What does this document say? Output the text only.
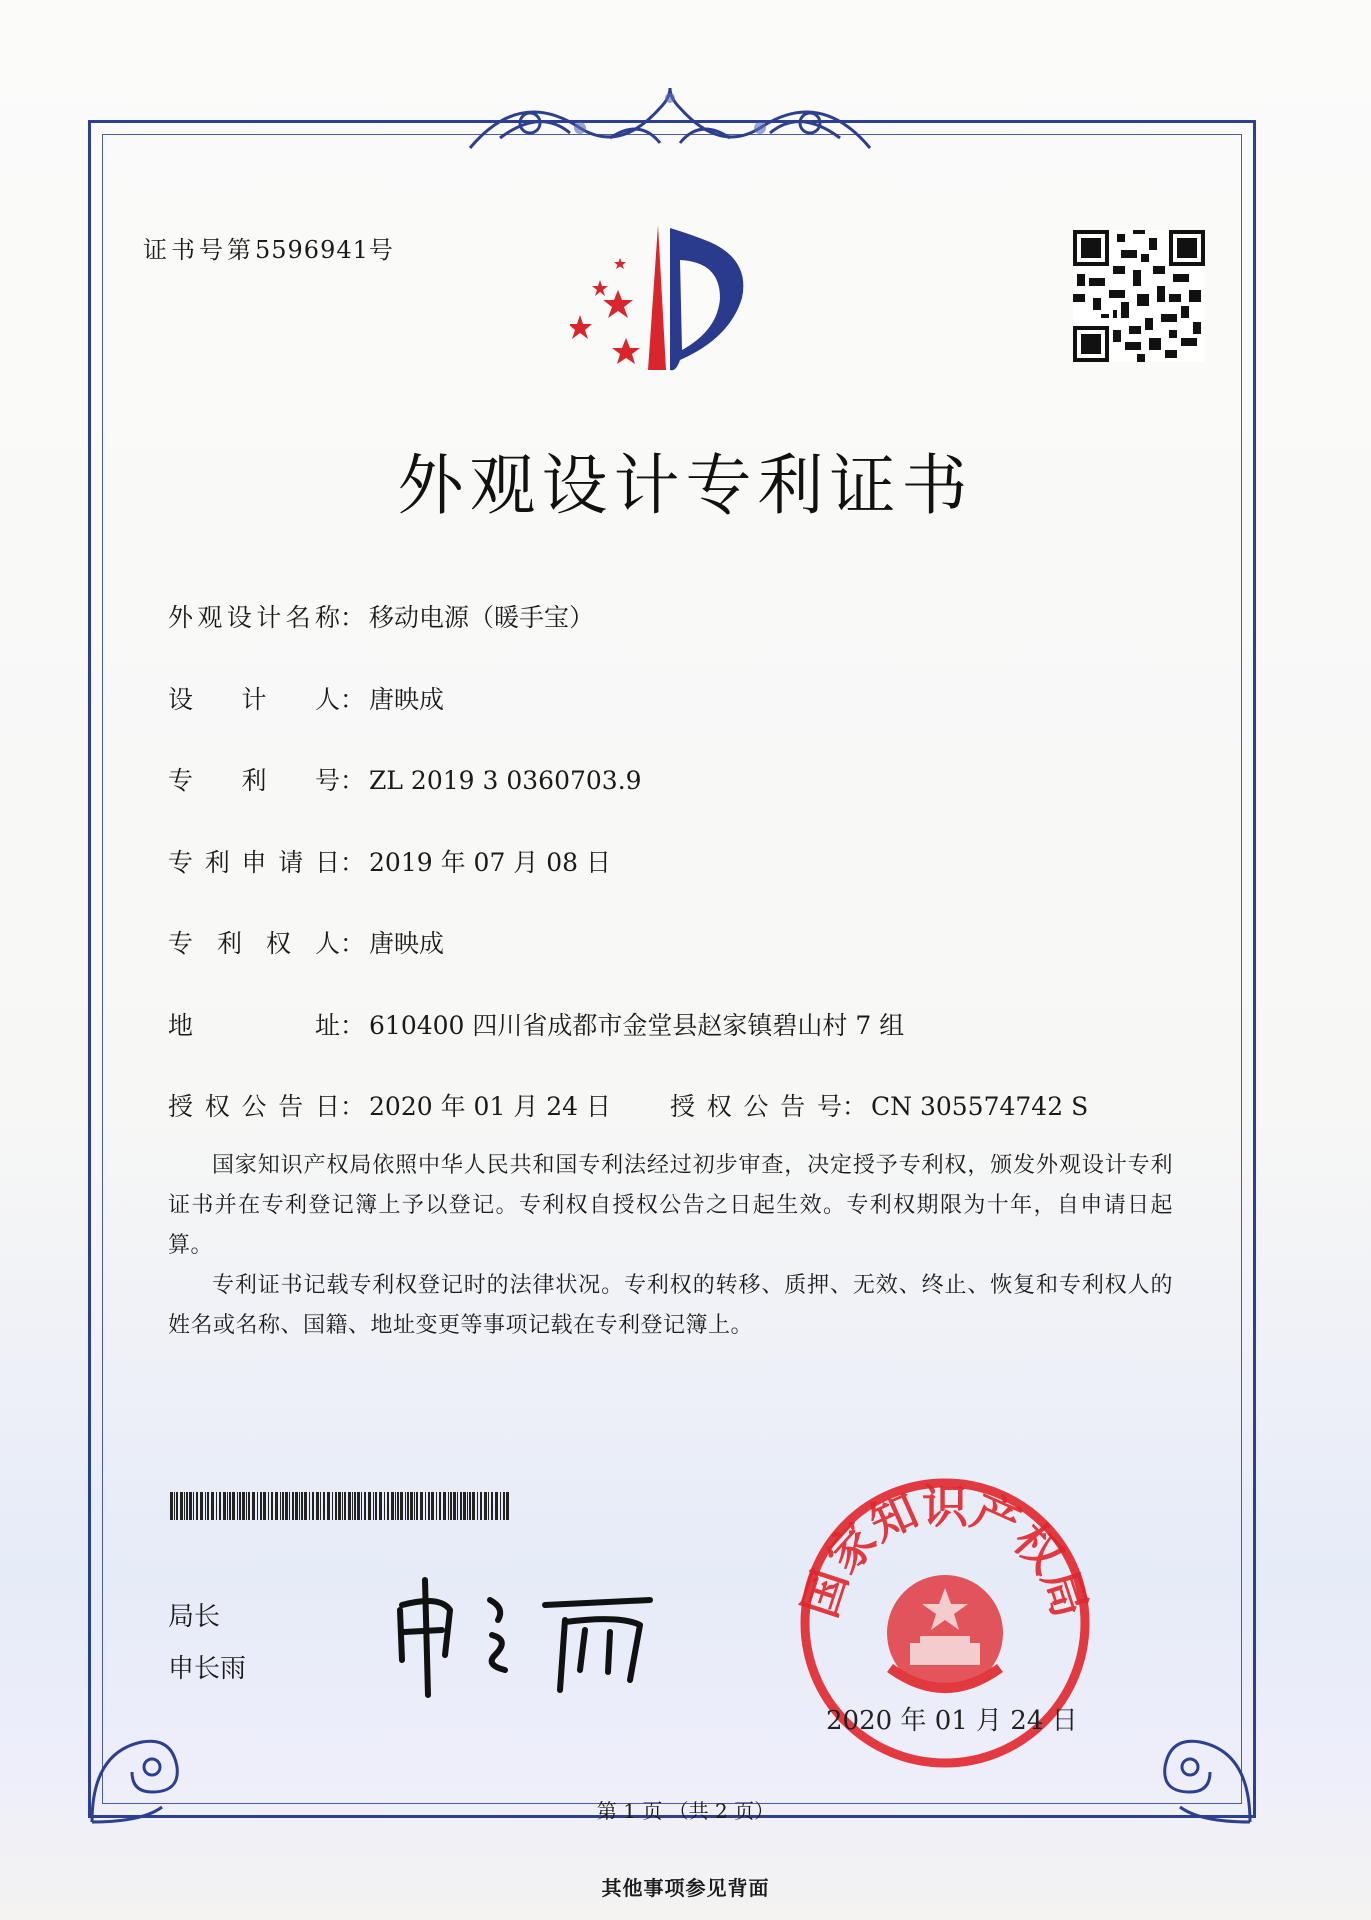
证书号第5596941号
外观设计专利证书
外观设计名称 ： 移动电源（暖手宝）
设计人 ： 唐映成
专利号 ： ZL 2019 3 0360703.9
专利申请日 ： 2019 年 07 月 08 日
专利权人 ： 唐映成
地址 ： 610400 四川省成都市金堂县赵家镇碧山村 7 组
授权公告日 ： 2020 年 01 月 24 日 授权公告号： CN 305574742 S
国家知识产权局依照中华人民共和国专利法经过初步审查，决定授予专利权，颁发外观设计专利证书并在专利登记簿上予以登记。专利权自授权公告之日起生效。专利权期限为十年，自申请日起算。
专利证书记载专利权登记时的法律状况。专利权的转移、质押、无效、终止、恢复和专利权人的姓名或名称、国籍、地址变更等事项记载在专利登记簿上。
局长
申长雨
国家知识产权局
2020 年 01 月 24 日
第 1 页 （共 2 页）
其他事项参见背面
